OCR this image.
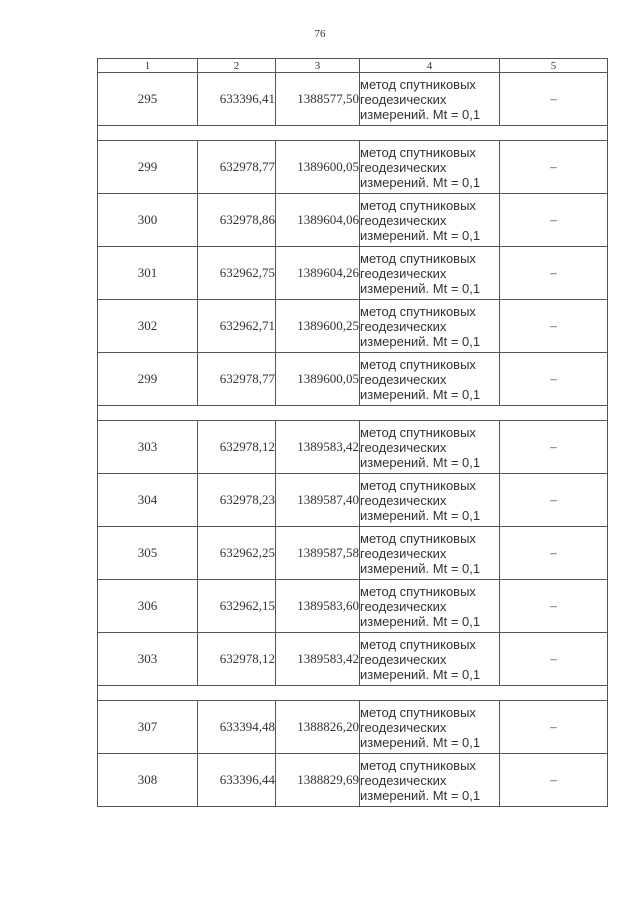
76
1	2	3	4	5
295	633396,41	1388577,50	метод спутниковых
геодезических
измерений. Mt = 0,1	–

299	632978,77	1389600,05	метод спутниковых
геодезических
измерений. Mt = 0,1	–
300	632978,86	1389604,06	метод спутниковых
геодезических
измерений. Mt = 0,1	–
301	632962,75	1389604,26	метод спутниковых
геодезических
измерений. Mt = 0,1	–
302	632962,71	1389600,25	метод спутниковых
геодезических
измерений. Mt = 0,1	–
299	632978,77	1389600,05	метод спутниковых
геодезических
измерений. Mt = 0,1	–

303	632978,12	1389583,42	метод спутниковых
геодезических
измерений. Mt = 0,1	–
304	632978,23	1389587,40	метод спутниковых
геодезических
измерений. Mt = 0,1	–
305	632962,25	1389587,58	метод спутниковых
геодезических
измерений. Mt = 0,1	–
306	632962,15	1389583,60	метод спутниковых
геодезических
измерений. Mt = 0,1	–
303	632978,12	1389583,42	метод спутниковых
геодезических
измерений. Mt = 0,1	–

307	633394,48	1388826,20	метод спутниковых
геодезических
измерений. Mt = 0,1	–
308	633396,44	1388829,69	метод спутниковых
геодезических
измерений. Mt = 0,1	–
